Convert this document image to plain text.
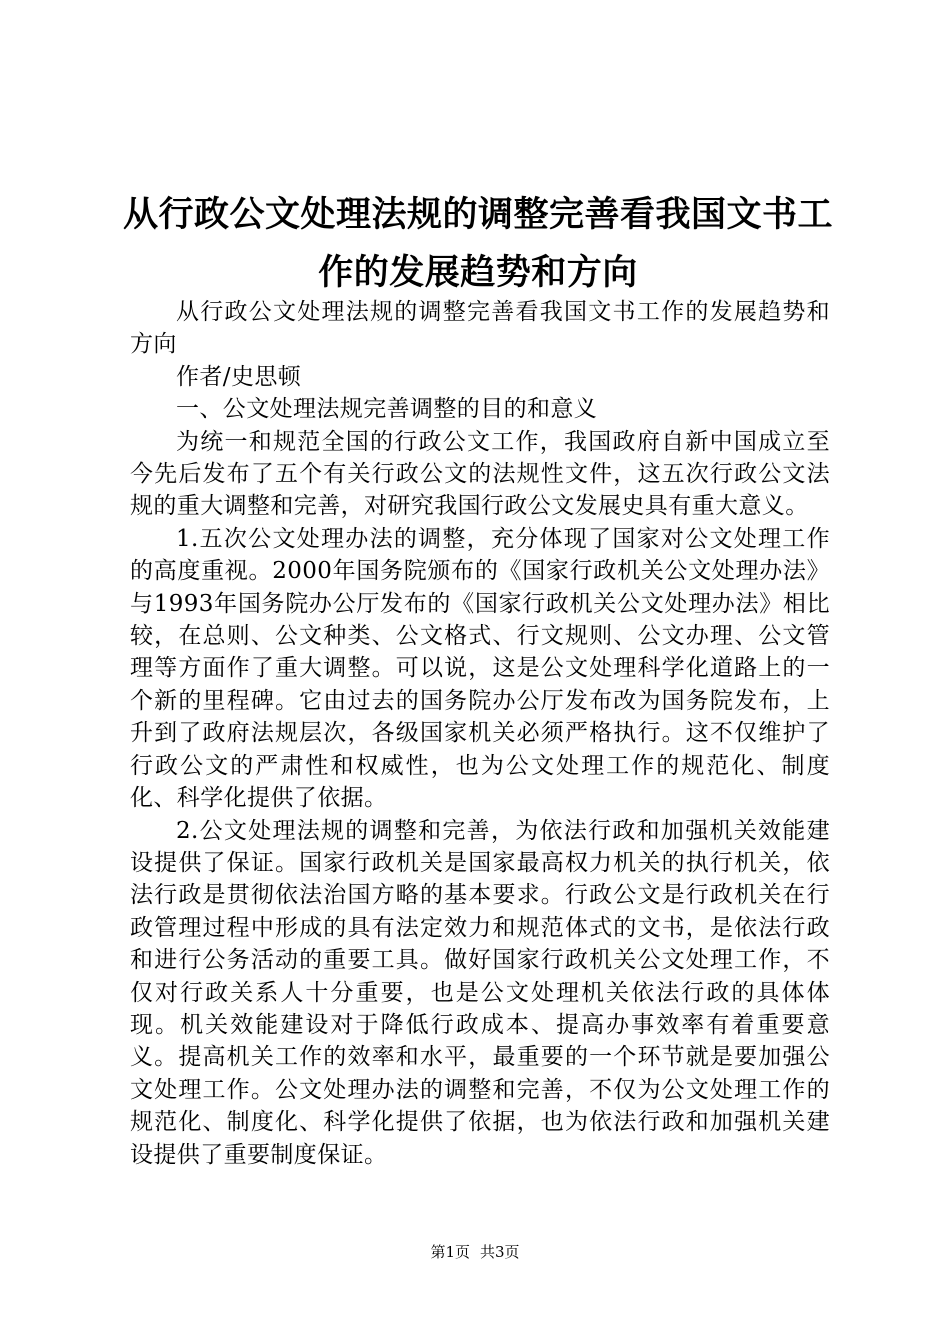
从行政公文处理法规的调整完善看我国文书工作的发展趋势和方向

从行政公文处理法规的调整完善看我国文书工作的发展趋势和方向

作者/史思顿

一、公文处理法规完善调整的目的和意义

为统一和规范全国的行政公文工作，我国政府自新中国成立至今先后发布了五个有关行政公文的法规性文件，这五次行政公文法规的重大调整和完善，对研究我国行政公文发展史具有重大意义。

1.五次公文处理办法的调整，充分体现了国家对公文处理工作的高度重视。2000年国务院颁布的《国家行政机关公文处理办法》与1993年国务院办公厅发布的《国家行政机关公文处理办法》相比较，在总则、公文种类、公文格式、行文规则、公文办理、公文管理等方面作了重大调整。可以说，这是公文处理科学化道路上的一个新的里程碑。它由过去的国务院办公厅发布改为国务院发布，上升到了政府法规层次，各级国家机关必须严格执行。这不仅维护了行政公文的严肃性和权威性，也为公文处理工作的规范化、制度化、科学化提供了依据。

2.公文处理法规的调整和完善，为依法行政和加强机关效能建设提供了保证。国家行政机关是国家最高权力机关的执行机关，依法行政是贯彻依法治国方略的基本要求。行政公文是行政机关在行政管理过程中形成的具有法定效力和规范体式的文书，是依法行政和进行公务活动的重要工具。做好国家行政机关公文处理工作，不仅对行政关系人十分重要，也是公文处理机关依法行政的具体体现。机关效能建设对于降低行政成本、提高办事效率有着重要意义。提高机关工作的效率和水平，最重要的一个环节就是要加强公文处理工作。公文处理办法的调整和完善，不仅为公文处理工作的规范化、制度化、科学化提供了依据，也为依法行政和加强机关建设提供了重要制度保证。

第1页 共3页
